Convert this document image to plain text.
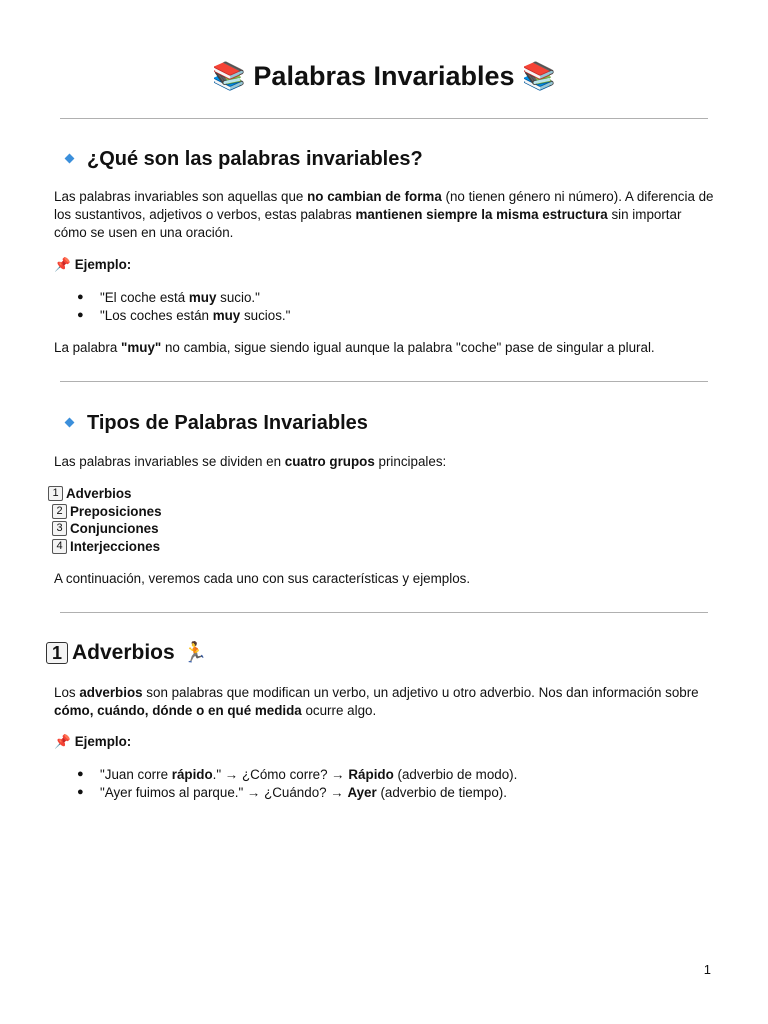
📚 Palabras Invariables 📚
¿Qué son las palabras invariables?
Las palabras invariables son aquellas que no cambian de forma (no tienen género ni número). A diferencia de los sustantivos, adjetivos o verbos, estas palabras mantienen siempre la misma estructura sin importar cómo se usen en una oración.
📌 Ejemplo:
● "El coche está muy sucio."
● "Los coches están muy sucios."
La palabra "muy" no cambia, sigue siendo igual aunque la palabra "coche" pase de singular a plural.
Tipos de Palabras Invariables
Las palabras invariables se dividen en cuatro grupos principales:
1 Adverbios
2 Preposiciones
3 Conjunciones
4 Interjecciones
A continuación, veremos cada uno con sus características y ejemplos.
1 Adverbios 🏃
Los adverbios son palabras que modifican un verbo, un adjetivo u otro adverbio. Nos dan información sobre cómo, cuándo, dónde o en qué medida ocurre algo.
📌 Ejemplo:
● "Juan corre rápido." → ¿Cómo corre? → Rápido (adverbio de modo).
● "Ayer fuimos al parque." → ¿Cuándo? → Ayer (adverbio de tiempo).
1
